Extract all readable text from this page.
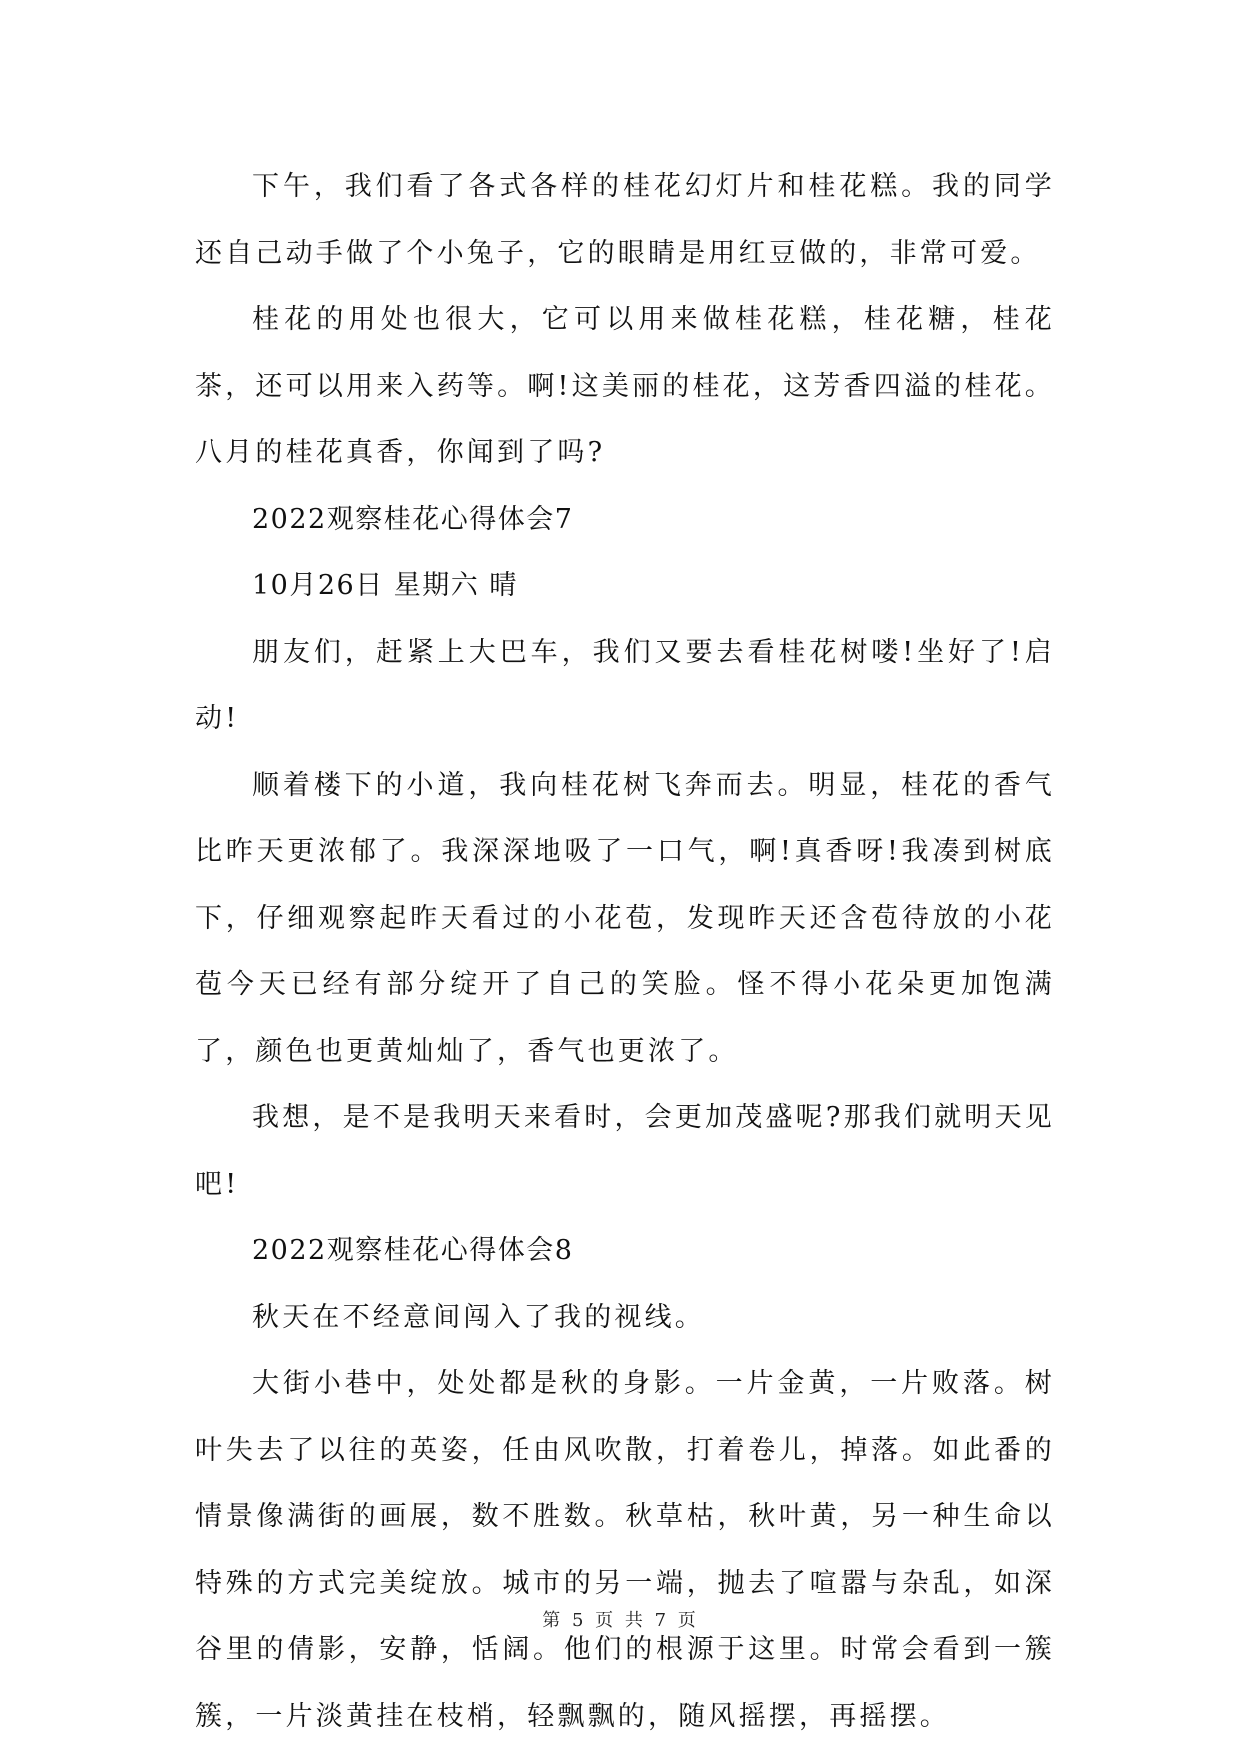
下午，我们看了各式各样的桂花幻灯片和桂花糕。我的同学还自己动手做了个小兔子，它的眼睛是用红豆做的，非常可爱。

桂花的用处也很大，它可以用来做桂花糕，桂花糖，桂花茶，还可以用来入药等。啊!这美丽的桂花，这芳香四溢的桂花。八月的桂花真香，你闻到了吗?

2022观察桂花心得体会7

10月26日 星期六 晴

朋友们，赶紧上大巴车，我们又要去看桂花树喽!坐好了!启动!

顺着楼下的小道，我向桂花树飞奔而去。明显，桂花的香气比昨天更浓郁了。我深深地吸了一口气，啊!真香呀!我凑到树底下，仔细观察起昨天看过的小花苞，发现昨天还含苞待放的小花苞今天已经有部分绽开了自己的笑脸。怪不得小花朵更加饱满了，颜色也更黄灿灿了，香气也更浓了。

我想，是不是我明天来看时，会更加茂盛呢?那我们就明天见吧!

2022观察桂花心得体会8

秋天在不经意间闯入了我的视线。

大街小巷中，处处都是秋的身影。一片金黄，一片败落。树叶失去了以往的英姿，任由风吹散，打着卷儿，掉落。如此番的情景像满街的画展，数不胜数。秋草枯，秋叶黄，另一种生命以特殊的方式完美绽放。城市的另一端，抛去了喧嚣与杂乱，如深谷里的倩影，安静，恬阔。他们的根源于这里。时常会看到一簇簇，一片淡黄挂在枝梢，轻飘飘的，随风摇摆，再摇摆。

第 5 页 共 7 页
